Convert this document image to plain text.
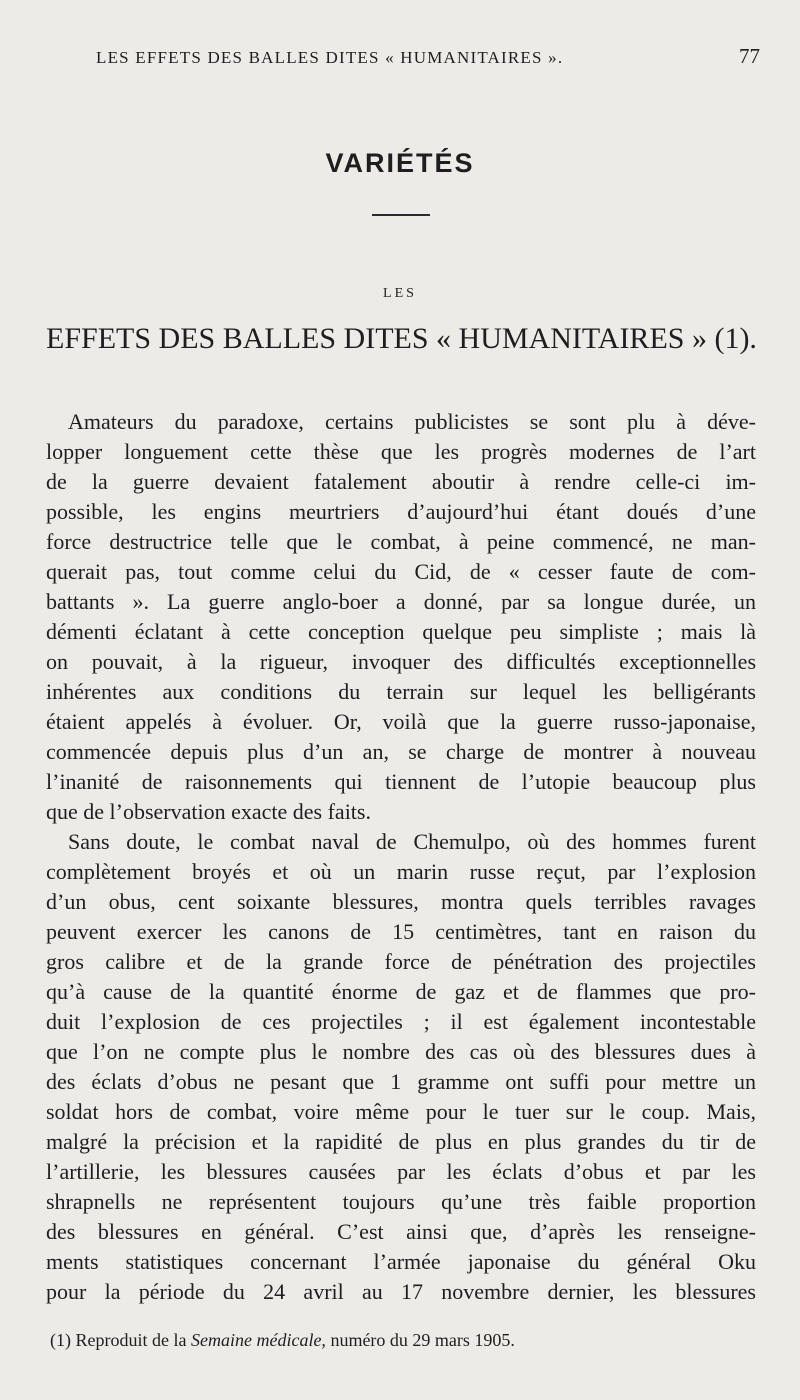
LES EFFETS DES BALLES DITES « HUMANITAIRES ».	77
VARIÉTÉS
LES
EFFETS DES BALLES DITES « HUMANITAIRES » (1).
Amateurs du paradoxe, certains publicistes se sont plu à déve-
lopper longuement cette thèse que les progrès modernes de l’art
de la guerre devaient fatalement aboutir à rendre celle-ci im-
possible, les engins meurtriers d’aujourd’hui étant doués d’une
force destructrice telle que le combat, à peine commencé, ne man-
querait pas, tout comme celui du Cid, de « cesser faute de com-
battants ». La guerre anglo-boer a donné, par sa longue durée, un
démenti éclatant à cette conception quelque peu simpliste ; mais là
on pouvait, à la rigueur, invoquer des difficultés exceptionnelles
inhérentes aux conditions du terrain sur lequel les belligérants
étaient appelés à évoluer. Or, voilà que la guerre russo-japonaise,
commencée depuis plus d’un an, se charge de montrer à nouveau
l’inanité de raisonnements qui tiennent de l’utopie beaucoup plus
que de l’observation exacte des faits.
Sans doute, le combat naval de Chemulpo, où des hommes furent
complètement broyés et où un marin russe reçut, par l’explosion
d’un obus, cent soixante blessures, montra quels terribles ravages
peuvent exercer les canons de 15 centimètres, tant en raison du
gros calibre et de la grande force de pénétration des projectiles
qu’à cause de la quantité énorme de gaz et de flammes que pro-
duit l’explosion de ces projectiles ; il est également incontestable
que l’on ne compte plus le nombre des cas où des blessures dues à
des éclats d’obus ne pesant que 1 gramme ont suffi pour mettre un
soldat hors de combat, voire même pour le tuer sur le coup. Mais,
malgré la précision et la rapidité de plus en plus grandes du tir de
l’artillerie, les blessures causées par les éclats d’obus et par les
shrapnells ne représentent toujours qu’une très faible proportion
des blessures en général. C’est ainsi que, d’après les renseigne-
ments statistiques concernant l’armée japonaise du général Oku
pour la période du 24 avril au 17 novembre dernier, les blessures
(1) Reproduit de la Semaine médicale, numéro du 29 mars 1905.
